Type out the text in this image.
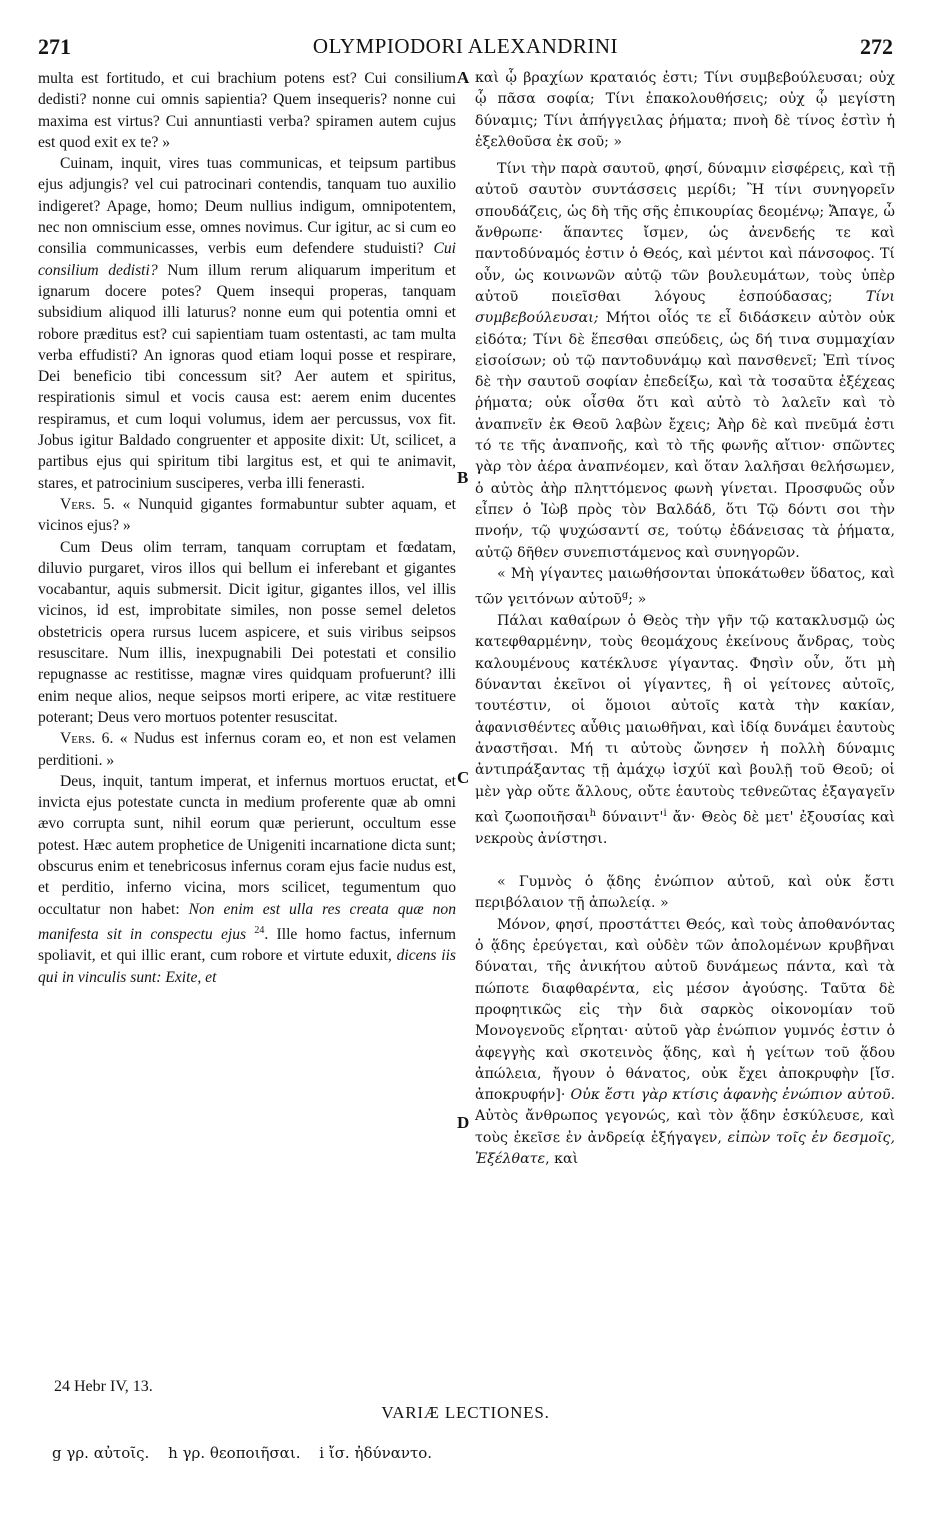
271	OLYMPIODORI ALEXANDRINI	272

multa est fortitudo, et cui brachium potens est? Cui consilium dedisti? nonne cui omnis sapientia? Quem insequeris? nonne cui maxima est virtus? Cui annuntiasti verba? spiramen autem cujus est quod exit ex te? »

Cuinam, inquit, vires tuas communicas, et teipsum partibus ejus adjungis? vel cui patrocinari contendis, tanquam tuo auxilio indigeret? Apage, homo; Deum nullius indigum, omnipotentem, nec non omniscium esse, omnes novimus. Cur igitur, ac si cum eo consilia communicasses, verbis eum defendere studuisti? Cui consilium dedisti? Num illum rerum aliquarum imperitum et ignarum docere potes? Quem insequi properas, tanquam subsidium aliquod illi laturus? nonne eum qui potentia omni et robore præditus est? cui sapientiam tuam ostentasti, ac tam multa verba effudisti? An ignoras quod etiam loqui posse et respirare, Dei beneficio tibi concessum sit? Aer autem et spiritus, respirationis simul et vocis causa est: aerem enim ducentes respiramus, et cum loqui volumus, idem aer percussus, vox fit. Jobus igitur Baldado congruenter et apposite dixit: Ut, scilicet, a partibus ejus qui spiritum tibi largitus est, et qui te animavit, stares, et patrocinium susciperes, verba illi fenerasti.

Vers. 5. « Nunquid gigantes formabuntur subter aquam, et vicinos ejus? »

Cum Deus olim terram, tanquam corruptam et fœdatam, diluvio purgaret, viros illos qui bellum ei inferebant et gigantes vocabantur, aquis submersit. Dicit igitur, gigantes illos, vel illis vicinos, id est, improbitate similes, non posse semel deletos obstetricis opera rursus lucem aspicere, et suis viribus seipsos resuscitare. Num illis, inexpugnabili Dei potestati et consilio repugnasse ac restitisse, magnæ vires quidquam profuerunt? illi enim neque alios, neque seipsos morti eripere, ac vitæ restituere poterant; Deus vero mortuos potenter resuscitat.

Vers. 6. « Nudus est infernus coram eo, et non est velamen perditioni. »

Deus, inquit, tantum imperat, et infernus mortuos eructat, et invicta ejus potestate cuncta in medium proferente quæ ab omni ævo corrupta sunt, nihil eorum quæ perierunt, occultum esse potest. Hæc autem prophetice de Unigeniti incarnatione dicta sunt; obscurus enim et tenebricosus infernus coram ejus facie nudus est, et perditio, inferno vicina, mors scilicet, tegumentum quo occultatur non habet: Non enim est ulla res creata quæ non manifesta sit in conspectu ejus $^{24}$. Ille homo factus, infernum spoliavit, et qui illic erant, cum robore et virtute eduxit, dicens iis qui in vinculis sunt: Exite, et

A
B
C
D

καὶ ᾧ βραχίων κραταιός ἐστι; Τίνι συμβεβούλευσαι; οὐχ ᾧ πᾶσα σοφία; Τίνι ἐπακολουθήσεις; οὐχ ᾧ μεγίστη δύναμις; Τίνι ἀπήγγειλας ῥήματα; πνοὴ δὲ τίνος ἐστὶν ἡ ἐξελθοῦσα ἐκ σοῦ; »

Τίνι τὴν παρὰ σαυτοῦ, φησί, δύναμιν εἰσφέρεις, καὶ τῇ αὐτοῦ σαυτὸν συντάσσεις μερίδι; Ἢ τίνι συνηγορεῖν σπουδάζεις, ὡς δὴ τῆς σῆς ἐπικουρίας δεομένῳ; Ἄπαγε, ὦ ἄνθρωπε· ἅπαντες ἴσμεν, ὡς ἀνενδεής τε καὶ παντοδύναμός ἐστιν ὁ Θεός, καὶ μέντοι καὶ πάνσοφος. Τί οὖν, ὡς κοινωνῶν αὐτῷ τῶν βουλευμάτων, τοὺς ὑπὲρ αὐτοῦ ποιεῖσθαι λόγους ἐσπούδασας; Τίνι συμβεβούλευσαι; Μήτοι οἷός τε εἶ διδάσκειν αὐτὸν οὐκ εἰδότα; Τίνι δὲ ἕπεσθαι σπεύδεις, ὡς δή τινα συμμαχίαν εἰσοίσων; οὐ τῷ παντοδυνάμῳ καὶ πανσθενεῖ; Ἐπὶ τίνος δὲ τὴν σαυτοῦ σοφίαν ἐπεδείξω, καὶ τὰ τοσαῦτα ἐξέχεας ῥήματα; οὐκ οἶσθα ὅτι καὶ αὐτὸ τὸ λαλεῖν καὶ τὸ ἀναπνεῖν ἐκ Θεοῦ λαβὼν ἔχεις; Ἀὴρ δὲ καὶ πνεῦμά ἐστι τό τε τῆς ἀναπνοῆς, καὶ τὸ τῆς φωνῆς αἴτιον· σπῶντες γὰρ τὸν ἀέρα ἀναπνέομεν, καὶ ὅταν λαλῆσαι θελήσωμεν, ὁ αὐτὸς ἀὴρ πληττόμενος φωνὴ γίνεται. Προσφυῶς οὖν εἶπεν ὁ Ἰὼβ πρὸς τὸν Βαλδάδ, ὅτι Τῷ δόντι σοι τὴν πνοήν, τῷ ψυχώσαντί σε, τούτῳ ἐδάνεισας τὰ ῥήματα, αὐτῷ δῆθεν συνεπιστάμενος καὶ συνηγορῶν.

« Μὴ γίγαντες μαιωθήσονται ὑποκάτωθεν ὕδατος, καὶ τῶν γειτόνων αὐτοῦ$^g$; »

Πάλαι καθαίρων ὁ Θεὸς τὴν γῆν τῷ κατακλυσμῷ ὡς κατεφθαρμένην, τοὺς θεομάχους ἐκείνους ἄνδρας, τοὺς καλουμένους κατέκλυσε γίγαντας. Φησὶν οὖν, ὅτι μὴ δύνανται ἐκεῖνοι οἱ γίγαντες, ἢ οἱ γείτονες αὐτοῖς, τουτέστιν, οἱ ὅμοιοι αὐτοῖς κατὰ τὴν κακίαν, ἀφανισθέντες αὖθις μαιωθῆναι, καὶ ἰδίᾳ δυνάμει ἑαυτοὺς ἀναστῆσαι. Μή τι αὐτοὺς ὤνησεν ἡ πολλὴ δύναμις ἀντιπράξαντας τῇ ἀμάχῳ ἰσχύϊ καὶ βουλῇ τοῦ Θεοῦ; οἱ μὲν γὰρ οὔτε ἄλλους, οὔτε ἑαυτοὺς τεθνεῶτας ἐξαγαγεῖν καὶ ζωοποιῆσαι$^h$ $\delta ύ\nu\alpha\iota\nu\tau'^i$ ἄν· Θεὸς δὲ μετ' ἐξουσίας καὶ νεκροὺς ἀνίστησι.

« Γυμνὸς ὁ ᾅδης ἐνώπιον αὐτοῦ, καὶ οὐκ ἔστι περιβόλαιον τῇ ἀπωλείᾳ. »

Μόνον, φησί, προστάττει Θεός, καὶ τοὺς ἀποθανόντας ὁ ᾅδης ἐρεύγεται, καὶ οὐδὲν τῶν ἀπολομένων κρυβῆναι δύναται, τῆς ἀνικήτου αὐτοῦ δυνάμεως πάντα, καὶ τὰ πώποτε διαφθαρέντα, εἰς μέσον ἀγούσης. Ταῦτα δὲ προφητικῶς εἰς τὴν διὰ σαρκὸς οἰκονομίαν τοῦ Μονογενοῦς εἴρηται· αὐτοῦ γὰρ ἐνώπιον γυμνός ἐστιν ὁ ἀφεγγὴς καὶ σκοτεινὸς ᾅδης, καὶ ἡ γείτων τοῦ ᾅδου ἀπώλεια, ἤγουν ὁ θάνατος, οὐκ ἔχει ἀποκρυφὴν [ἴσ. ἀποκρυφήν]· Οὐκ ἔστι γὰρ κτίσις ἀφανὴς ἐνώπιον αὐτοῦ. Αὐτὸς ἄνθρωπος γεγονώς, καὶ τὸν ᾅδην ἐσκύλευσε, καὶ τοὺς ἐκεῖσε ἐν ἀνδρείᾳ ἐξήγαγεν, εἰπὼν τοῖς ἐν δεσμοῖς, Ἐξέλθατε, καὶ

24 Hebr IV, 13.
VARIÆ LECTIONES.
g γρ. αὐτοῖς. h γρ. θεοποιῆσαι. i ἴσ. ἠδύναντο.
